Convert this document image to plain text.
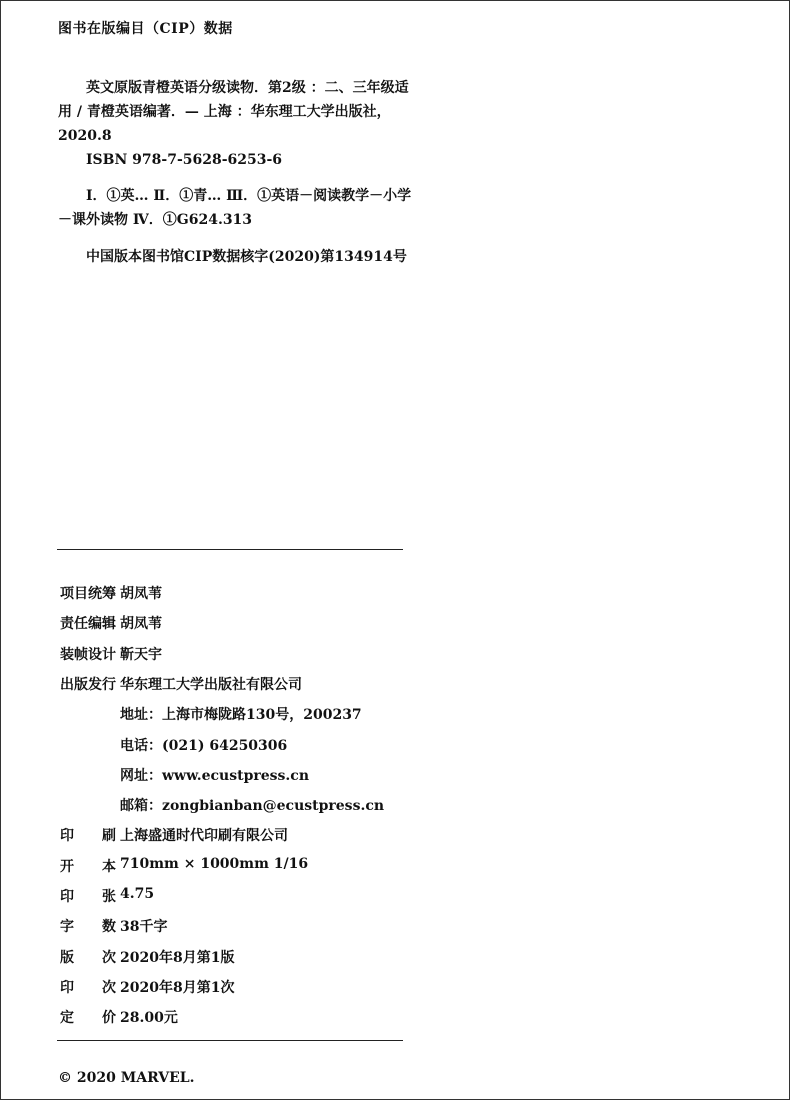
图书在版编目（CIP）数据
英文原版青橙英语分级读物．第2级 ：二、三年级适
用 / 青橙英语编著．— 上海 ：华东理工大学出版社，
2020.8
ISBN 978-7-5628-6253-6
Ⅰ．①英… Ⅱ．①青… Ⅲ．①英语－阅读教学－小学
－课外读物 Ⅳ．①G624.313
中国版本图书馆CIP数据核字(2020)第134914号
项目统筹 胡凤苇
责任编辑 胡凤苇
装帧设计 靳天宇
出版发行 华东理工大学出版社有限公司
地址：上海市梅陇路130号，200237
电话：(021) 64250306
网址：www.ecustpress.cn
邮箱：zongbianban@ecustpress.cn
印　　刷 上海盛通时代印刷有限公司
开　　本 710mm × 1000mm 1/16
印　　张 4.75
字　　数 38千字
版　　次 2020年8月第1版
印　　次 2020年8月第1次
定　　价 28.00元
© 2020 MARVEL.
